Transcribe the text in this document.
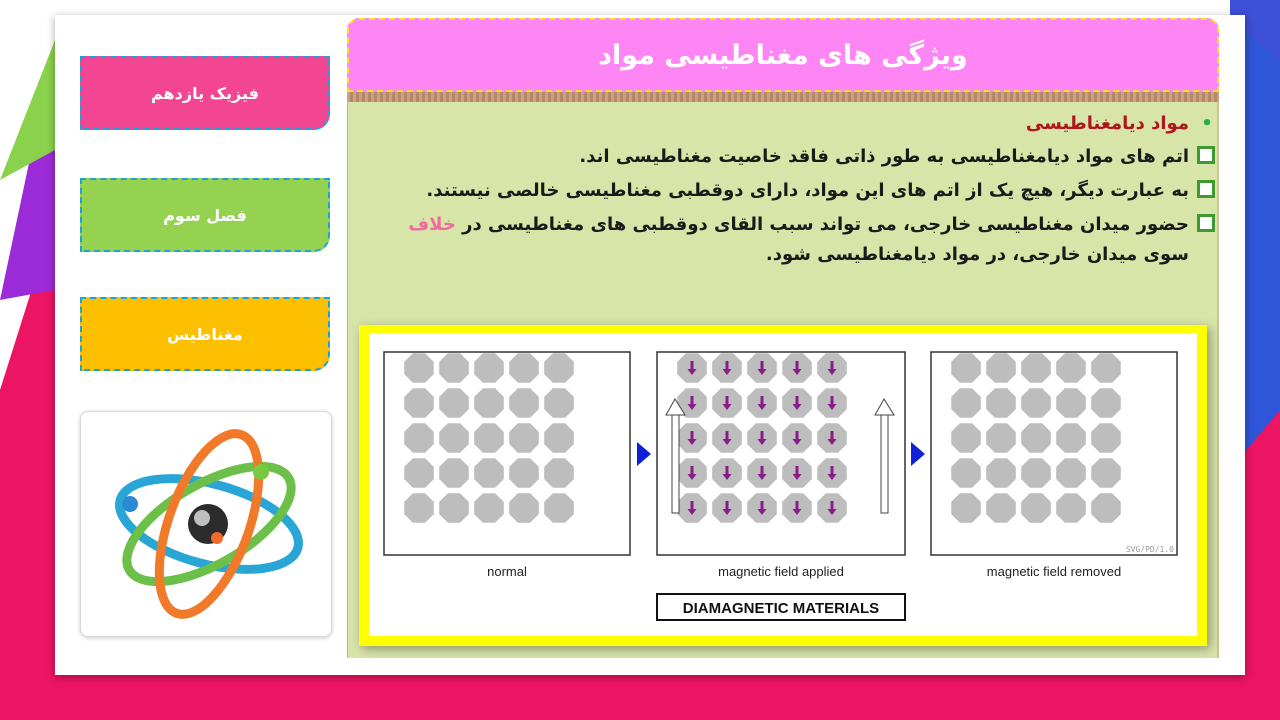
فیزیک یازدهم
فصل سوم
مغناطیس
ویژگی های مغناطیسی مواد
•
مواد دیامغناطیسی
اتم های مواد دیامغناطیسی به طور ذاتی فاقد خاصیت مغناطیسی اند.
به عبارت دیگر، هیچ یک از اتم های این مواد، دارای دوقطبی مغناطیسی خالصی نیستند.
حضور میدان مغناطیسی خارجی، می تواند سبب القای دوقطبی های مغناطیسی در خلاف سوی میدان خارجی، در مواد دیامغناطیسی شود.
normal	magnetic field applied	magnetic field removed
DIAMAGNETIC MATERIALS
SVG/PD/1.0
